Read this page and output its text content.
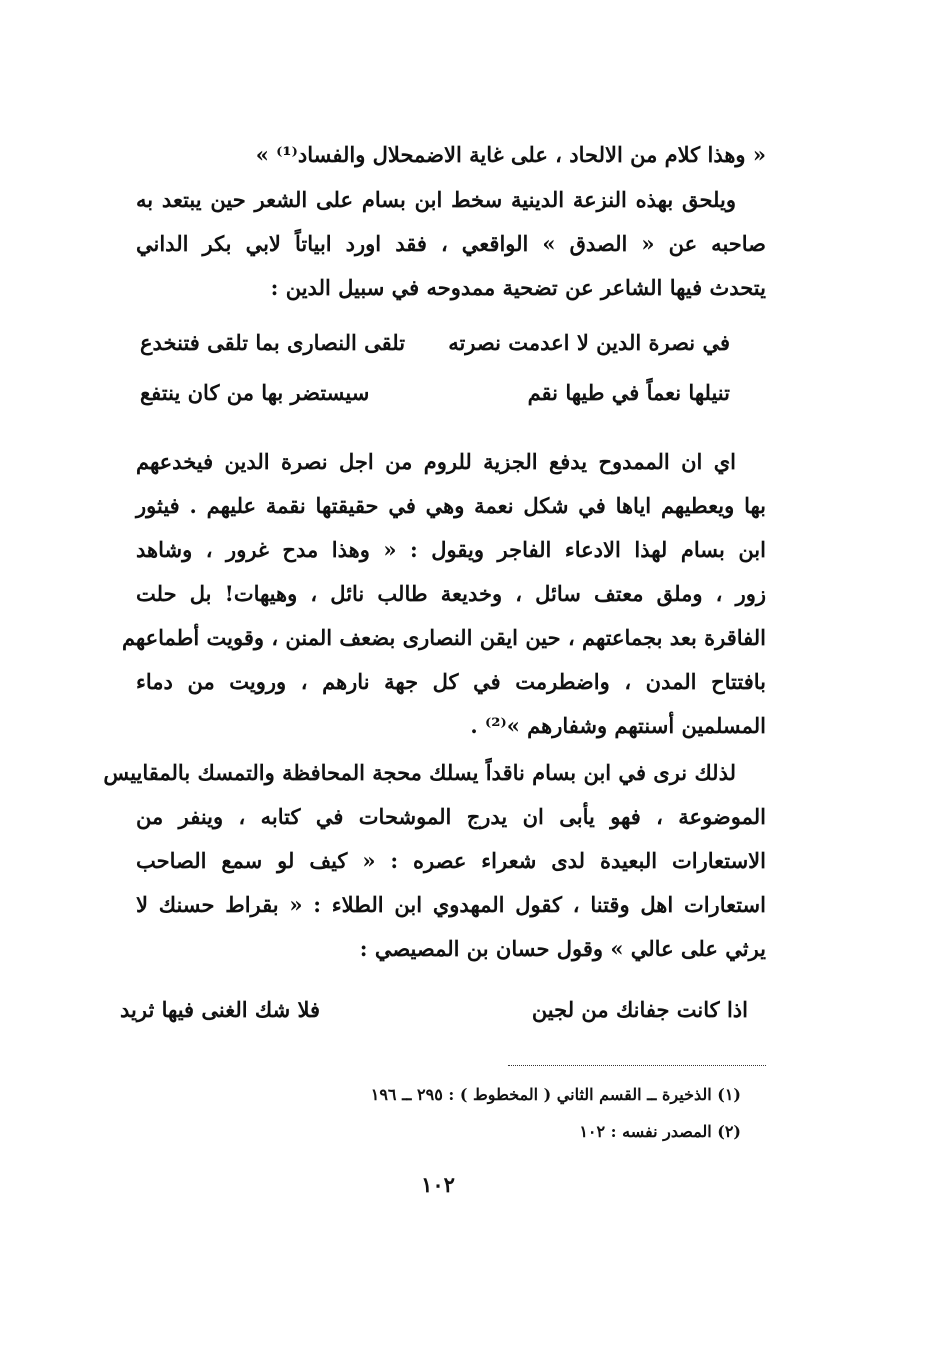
« وهذا كلام من الالحاد ، على غاية الاضمحلال والفساد⁽¹⁾ »
ويلحق بهذه النزعة الدينية سخط ابن بسام على الشعر حين يبتعد به
صاحبه عن « الصدق » الواقعي ، فقد اورد ابياتاً لابي بكر الداني
يتحدث فيها الشاعر عن تضحية ممدوحه في سبيل الدين :
في نصرة الدين لا اعدمت نصرته
تلقى النصارى بما تلقى فتنخدع
تنيلها نعماً في طيها نقم
سيستضر بها من كان ينتفع
اي ان الممدوح يدفع الجزية للروم من اجل نصرة الدين فيخدعهم
بها ويعطيهم اياها في شكل نعمة وهي في حقيقتها نقمة عليهم . فيثور
ابن بسام لهذا الادعاء الفاجر ويقول : « وهذا مدح غرور ، وشاهد
زور ، وملق معتف سائل ، وخديعة طالب نائل ، وهيهات! بل حلت
الفاقرة بعد بجماعتهم ، حين ايقن النصارى بضعف المنن ، وقويت أطماعهم
بافتتاح المدن ، واضطرمت في كل جهة نارهم ، ورويت من دماء
المسلمين أسنتهم وشفارهم »⁽²⁾ .
لذلك نرى في ابن بسام ناقداً يسلك محجة المحافظة والتمسك بالمقاييس
الموضوعة ، فهو يأبى ان يدرج الموشحات في كتابه ، وينفر من
الاستعارات البعيدة لدى شعراء عصره : « كيف لو سمع الصاحب
استعارات اهل وقتنا ، كقول المهدوي ابن الطلاء : « بقراط حسنك لا
يرثي على عالي » وقول حسان بن المصيصي :
اذا كانت جفانك من لجين
فلا شك الغنى فيها ثريد
(١) الذخيرة ــ القسم الثاني ( المخطوط ) : ٢٩٥ ــ ١٩٦
(٢) المصدر نفسه : ١٠٢
١٠٢
